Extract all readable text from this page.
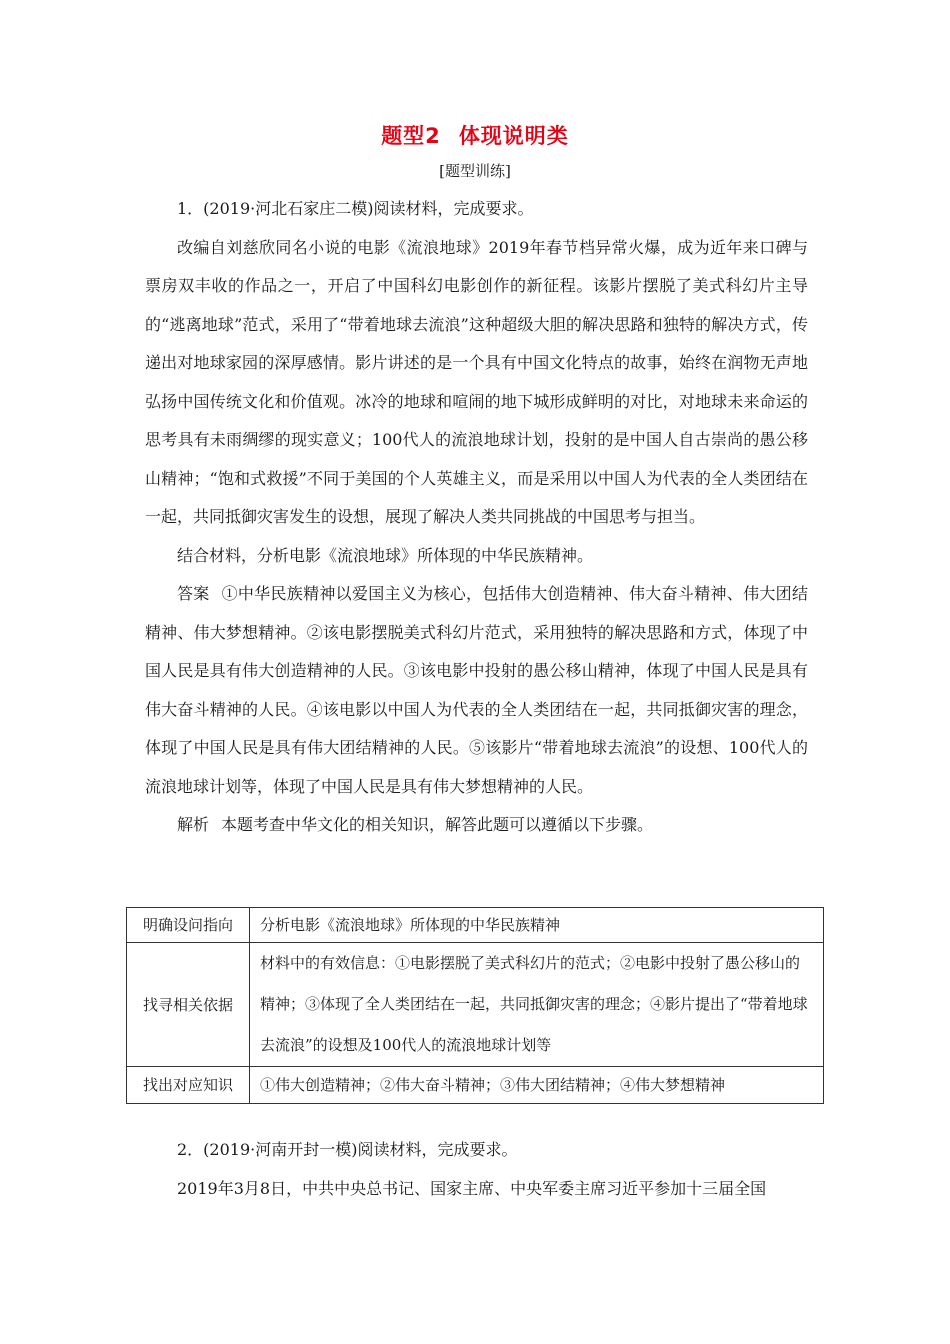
题型2 体现说明类
[题型训练]

1．(2019·河北石家庄二模)阅读材料，完成要求。

改编自刘慈欣同名小说的电影《流浪地球》2019年春节档异常火爆，成为近年来口碑与票房双丰收的作品之一，开启了中国科幻电影创作的新征程。该影片摆脱了美式科幻片主导的“逃离地球”范式，采用了“带着地球去流浪”这种超级大胆的解决思路和独特的解决方式，传递出对地球家园的深厚感情。影片讲述的是一个具有中国文化特点的故事，始终在润物无声地弘扬中国传统文化和价值观。冰冷的地球和喧闹的地下城形成鲜明的对比，对地球未来命运的思考具有未雨绸缪的现实意义；100代人的流浪地球计划，投射的是中国人自古崇尚的愚公移山精神；“饱和式救援”不同于美国的个人英雄主义，而是采用以中国人为代表的全人类团结在一起，共同抵御灾害发生的设想，展现了解决人类共同挑战的中国思考与担当。

结合材料，分析电影《流浪地球》所体现的中华民族精神。

答案 ①中华民族精神以爱国主义为核心，包括伟大创造精神、伟大奋斗精神、伟大团结精神、伟大梦想精神。②该电影摆脱美式科幻片范式，采用独特的解决思路和方式，体现了中国人民是具有伟大创造精神的人民。③该电影中投射的愚公移山精神，体现了中国人民是具有伟大奋斗精神的人民。④该电影以中国人为代表的全人类团结在一起，共同抵御灾害的理念，体现了中国人民是具有伟大团结精神的人民。⑤该影片“带着地球去流浪”的设想、100代人的流浪地球计划等，体现了中国人民是具有伟大梦想精神的人民。

解析 本题考查中华文化的相关知识，解答此题可以遵循以下步骤。

明确设问指向	分析电影《流浪地球》所体现的中华民族精神
找寻相关依据	材料中的有效信息：①电影摆脱了美式科幻片的范式；②电影中投射了愚公移山的精神；③体现了全人类团结在一起，共同抵御灾害的理念；④影片提出了“带着地球去流浪”的设想及100代人的流浪地球计划等
找出对应知识	①伟大创造精神；②伟大奋斗精神；③伟大团结精神；④伟大梦想精神

2．(2019·河南开封一模)阅读材料，完成要求。

2019年3月8日，中共中央总书记、国家主席、中央军委主席习近平参加十三届全国
